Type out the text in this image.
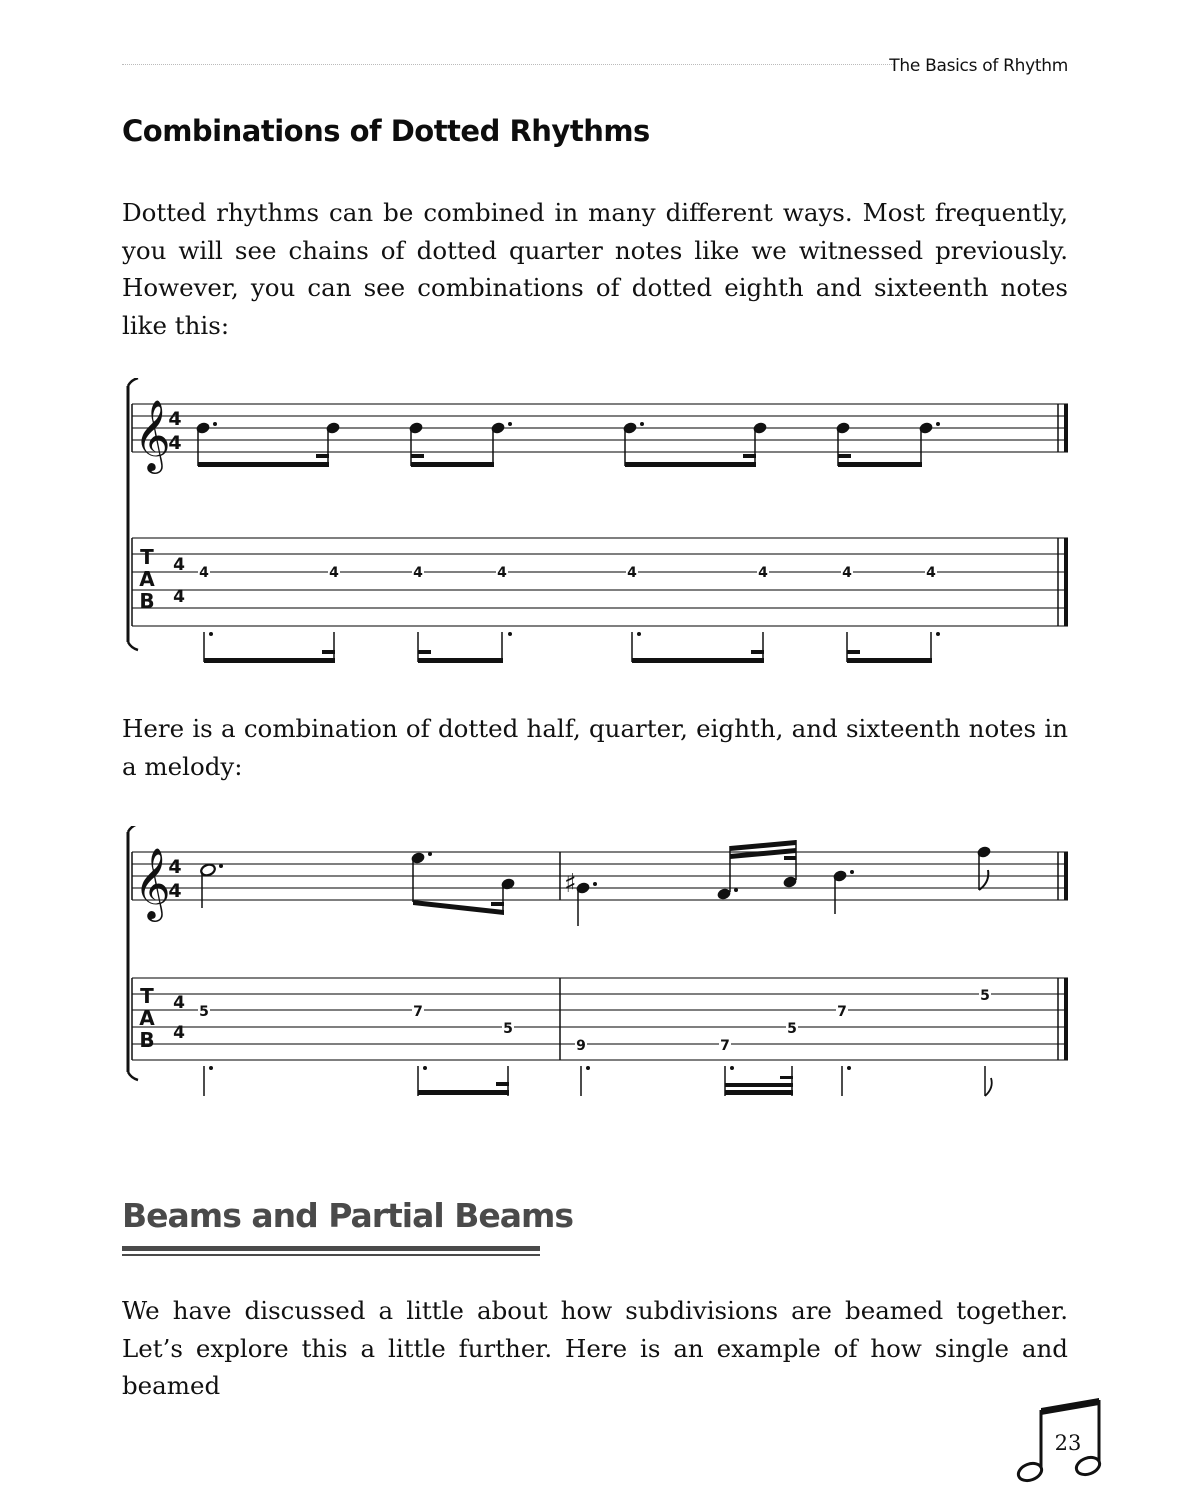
The Basics of Rhythm
Combinations of Dotted Rhythms

Dotted rhythms can be combined in many different ways. Most frequently, you will see chains of dotted quarter notes like we witnessed previously. However, you can see combinations of dotted eighth and sixteenth notes like this:

𝄞
4
4
T
A
B
4
4
4	4	4	4	4	4	4	4

Here is a combination of dotted half, quarter, eighth, and sixteenth notes in a melody:

𝄞
4
4	♯
T
A
B
4
4
5	7
5
9	7
5
7
5
Beams and Partial Beams

We have discussed a little about how subdivisions are beamed together. Let’s explore this a little further. Here is an example of how single and beamed

23
